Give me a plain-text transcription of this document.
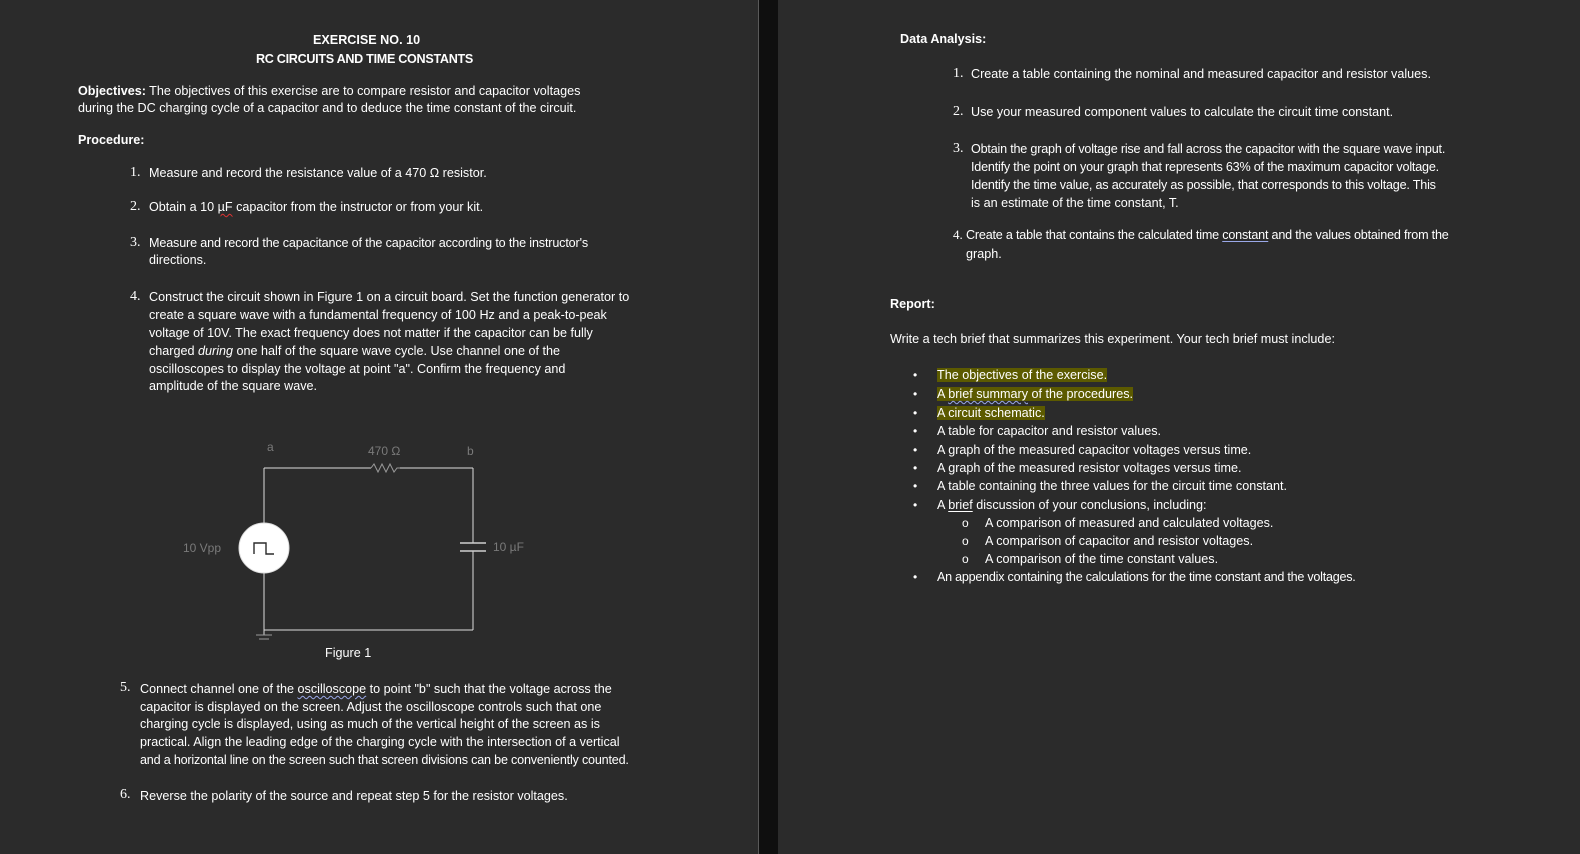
EXERCISE NO. 10
RC CIRCUITS AND TIME CONSTANTS
Objectives: The objectives of this exercise are to compare resistor and capacitor voltages
during the DC charging cycle of a capacitor and to deduce the time constant of the circuit.
Procedure:
1. Measure and record the resistance value of a 470 Ω resistor.
2. Obtain a 10 µF capacitor from the instructor or from your kit.
3. Measure and record the capacitance of the capacitor according to the instructor's
directions.
4. Construct the circuit shown in Figure 1 on a circuit board. Set the function generator to
create a square wave with a fundamental frequency of 100 Hz and a peak-to-peak
voltage of 10V. The exact frequency does not matter if the capacitor can be fully
charged during one half of the square wave cycle. Use channel one of the
oscilloscopes to display the voltage at point "a". Confirm the frequency and
amplitude of the square wave.
a	b
470 Ω
10 Vpp	10 µF
Figure 1
5. Connect channel one of the oscilloscope to point "b" such that the voltage across the
capacitor is displayed on the screen. Adjust the oscilloscope controls such that one
charging cycle is displayed, using as much of the vertical height of the screen as is
practical. Align the leading edge of the charging cycle with the intersection of a vertical
and a horizontal line on the screen such that screen divisions can be conveniently counted.
6. Reverse the polarity of the source and repeat step 5 for the resistor voltages.
Data Analysis:
1. Create a table containing the nominal and measured capacitor and resistor values.
2. Use your measured component values to calculate the circuit time constant.
3. Obtain the graph of voltage rise and fall across the capacitor with the square wave input.
Identify the point on your graph that represents 63% of the maximum capacitor voltage.
Identify the time value, as accurately as possible, that corresponds to this voltage. This
is an estimate of the time constant, T.
4. Create a table that contains the calculated time constant and the values obtained from the
graph.
Report:
Write a tech brief that summarizes this experiment. Your tech brief must include:
• The objectives of the exercise.
• A brief summary of the procedures.
• A circuit schematic.
• A table for capacitor and resistor values.
• A graph of the measured capacitor voltages versus time.
• A graph of the measured resistor voltages versus time.
• A table containing the three values for the circuit time constant.
• A brief discussion of your conclusions, including:
o A comparison of measured and calculated voltages.
o A comparison of capacitor and resistor voltages.
o A comparison of the time constant values.
• An appendix containing the calculations for the time constant and the voltages.
